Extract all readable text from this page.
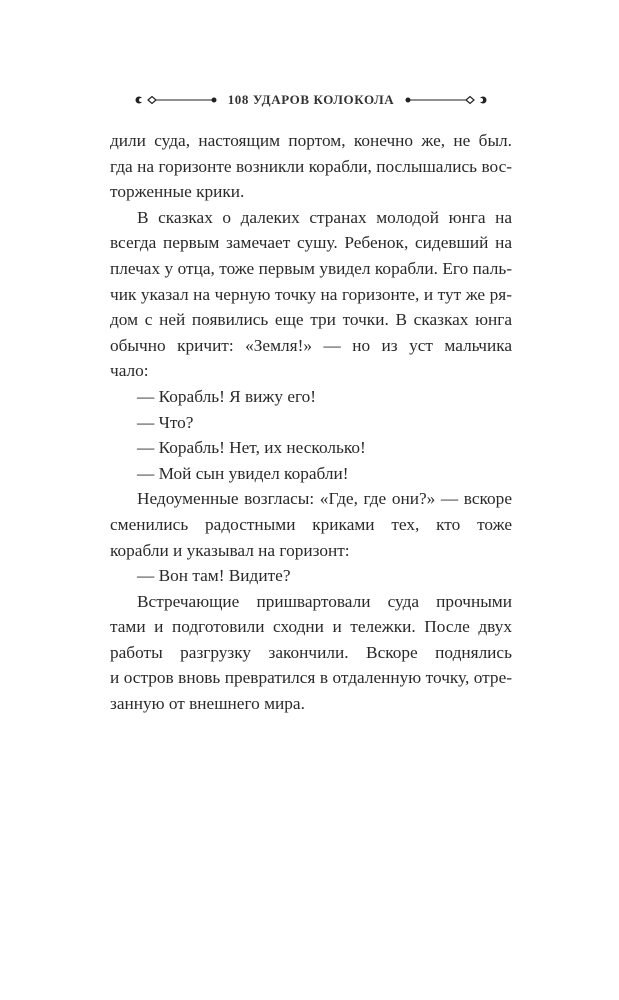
108 УДАРОВ КОЛОКОЛА
дили суда, настоящим портом, конечно же, не был.
гда на горизонте возникли корабли, послышались вос-
торженные крики.
В сказках о далеких странах молодой юнга на
всегда первым замечает сушу. Ребенок, сидевший на
плечах у отца, тоже первым увидел корабли. Его паль-
чик указал на черную точку на горизонте, и тут же ря-
дом с ней появились еще три точки. В сказках юнга
обычно кричит: «Земля!» — но из уст мальчика
чало:
— Корабль! Я вижу его!
— Что?
— Корабль! Нет, их несколько!
— Мой сын увидел корабли!
Недоуменные возгласы: «Где, где они?» — вскоре
сменились радостными криками тех, кто тоже
корабли и указывал на горизонт:
— Вон там! Видите?
Встречающие пришвартовали суда прочными
тами и подготовили сходни и тележки. После двух
работы разгрузку закончили. Вскоре поднялись
и остров вновь превратился в отдаленную точку, отре-
занную от внешнего мира.
